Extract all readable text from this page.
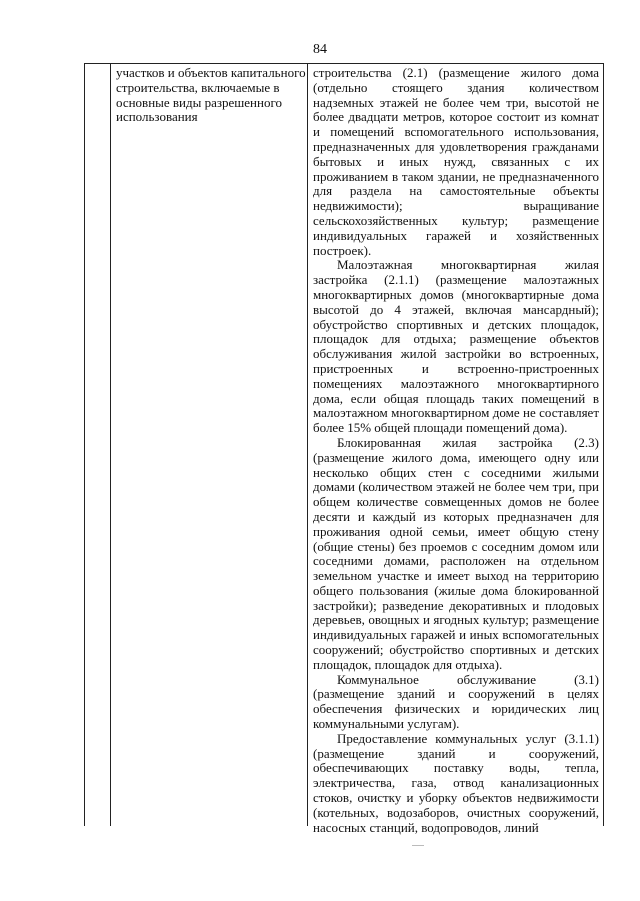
84
участков и объектов капитального строительства, включаемые в основные виды разрешенного использования

строительства (2.1) (размещение жилого дома (отдельно стоящего здания количеством надземных этажей не более чем три, высотой не более двадцати метров, которое состоит из комнат и помещений вспомогательного использования, предназначенных для удовлетворения гражданами бытовых и иных нужд, связанных с их проживанием в таком здании, не предназначенного для раздела на самостоятельные объекты недвижимости); выращивание сельскохозяйственных культур; размещение индивидуальных гаражей и хозяйственных построек).

Малоэтажная многоквартирная жилая застройка (2.1.1) (размещение малоэтажных многоквартирных домов (многоквартирные дома высотой до 4 этажей, включая мансардный); обустройство спортивных и детских площадок, площадок для отдыха; размещение объектов обслуживания жилой застройки во встроенных, пристроенных и встроенно-пристроенных помещениях малоэтажного многоквартирного дома, если общая площадь таких помещений в малоэтажном многоквартирном доме не составляет более 15% общей площади помещений дома).

Блокированная жилая застройка (2.3) (размещение жилого дома, имеющего одну или несколько общих стен с соседними жилыми домами (количеством этажей не более чем три, при общем количестве совмещенных домов не более десяти и каждый из которых предназначен для проживания одной семьи, имеет общую стену (общие стены) без проемов с соседним домом или соседними домами, расположен на отдельном земельном участке и имеет выход на территорию общего пользования (жилые дома блокированной застройки); разведение декоративных и плодовых деревьев, овощных и ягодных культур; размещение индивидуальных гаражей и иных вспомогательных сооружений; обустройство спортивных и детских площадок, площадок для отдыха).

Коммунальное обслуживание (3.1) (размещение зданий и сооружений в целях обеспечения физических и юридических лиц коммунальными услугам).

Предоставление коммунальных услуг (3.1.1) (размещение зданий и сооружений, обеспечивающих поставку воды, тепла, электричества, газа, отвод канализационных стоков, очистку и уборку объектов недвижимости (котельных, водозаборов, очистных сооружений, насосных станций, водопроводов, линий
